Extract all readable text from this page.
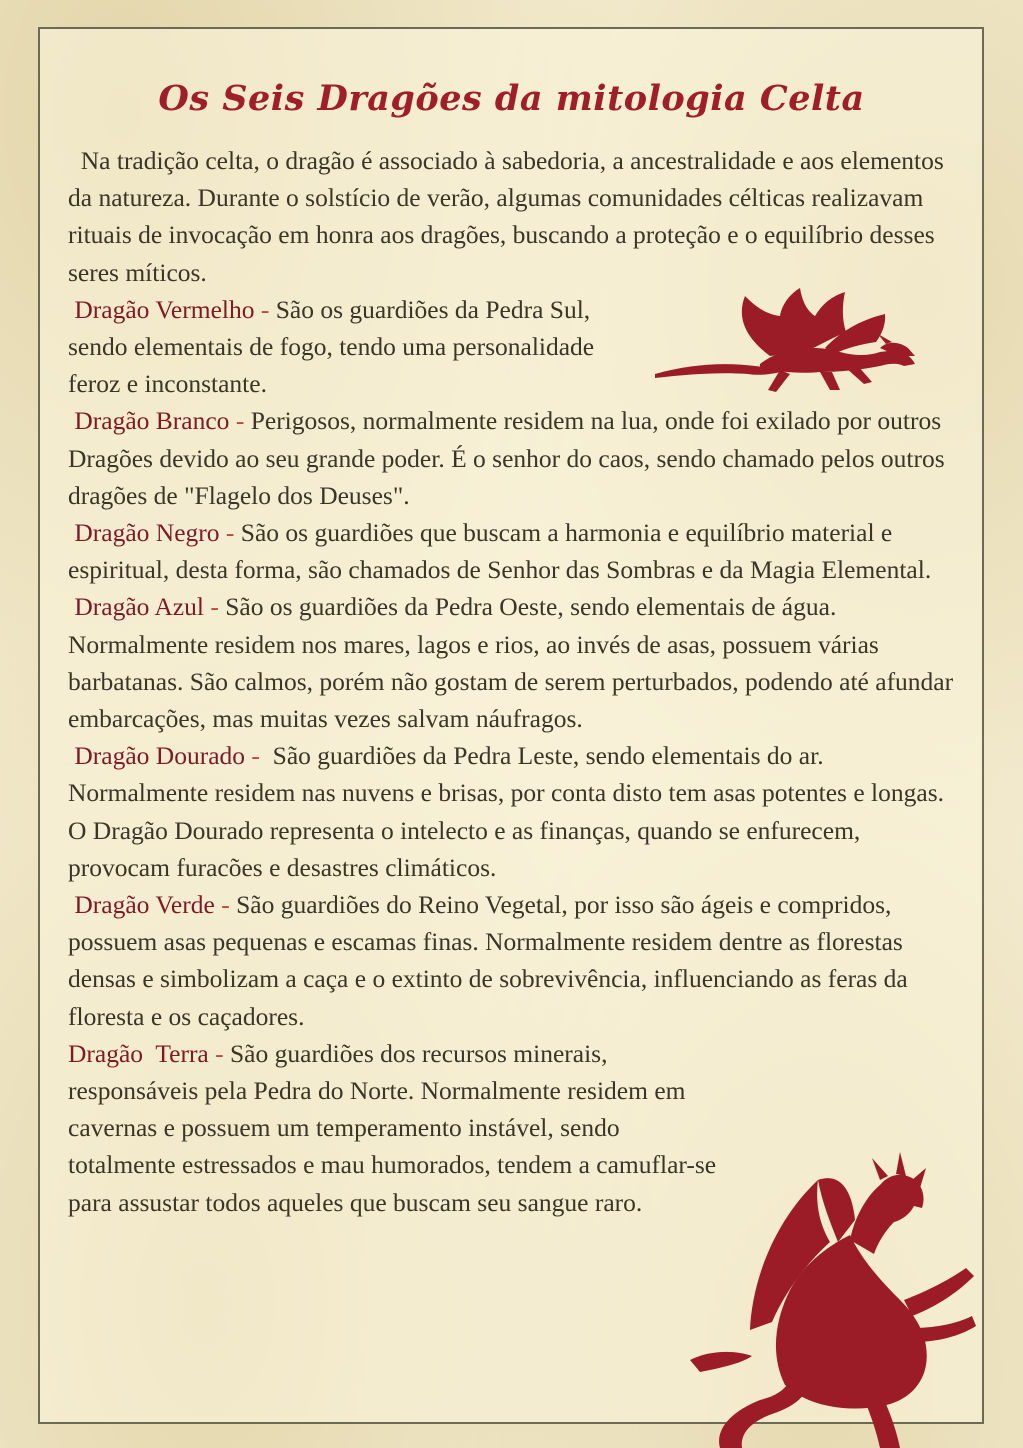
Os Seis Dragões da mitologia Celta

Na tradição celta, o dragão é associado à sabedoria, a ancestralidade e aos elementos da natureza. Durante o solstício de verão, algumas comunidades célticas realizavam rituais de invocação em honra aos dragões, buscando a proteção e o equilíbrio desses seres míticos.

Dragão Vermelho - São os guardiões da Pedra Sul, sendo elementais de fogo, tendo uma personalidade feroz e inconstante.

Dragão Branco - Perigosos, normalmente residem na lua, onde foi exilado por outros Dragões devido ao seu grande poder. É o senhor do caos, sendo chamado pelos outros dragões de "Flagelo dos Deuses".

Dragão Negro - São os guardiões que buscam a harmonia e equilíbrio material e espiritual, desta forma, são chamados de Senhor das Sombras e da Magia Elemental.

Dragão Azul - São os guardiões da Pedra Oeste, sendo elementais de água. Normalmente residem nos mares, lagos e rios, ao invés de asas, possuem várias barbatanas. São calmos, porém não gostam de serem perturbados, podendo até afundar embarcações, mas muitas vezes salvam náufragos.

Dragão Dourado -  São guardiões da Pedra Leste, sendo elementais do ar. Normalmente residem nas nuvens e brisas, por conta disto tem asas potentes e longas. O Dragão Dourado representa o intelecto e as finanças, quando se enfurecem, provocam furacões e desastres climáticos.

Dragão Verde - São guardiões do Reino Vegetal, por isso são ágeis e compridos, possuem asas pequenas e escamas finas. Normalmente residem dentre as florestas densas e simbolizam a caça e o extinto de sobrevivência, influenciando as feras da floresta e os caçadores.

Dragão  Terra - São guardiões dos recursos minerais, responsáveis pela Pedra do Norte. Normalmente residem em cavernas e possuem um temperamento instável, sendo totalmente estressados e mau humorados, tendem a camuflar-se para assustar todos aqueles que buscam seu sangue raro.
